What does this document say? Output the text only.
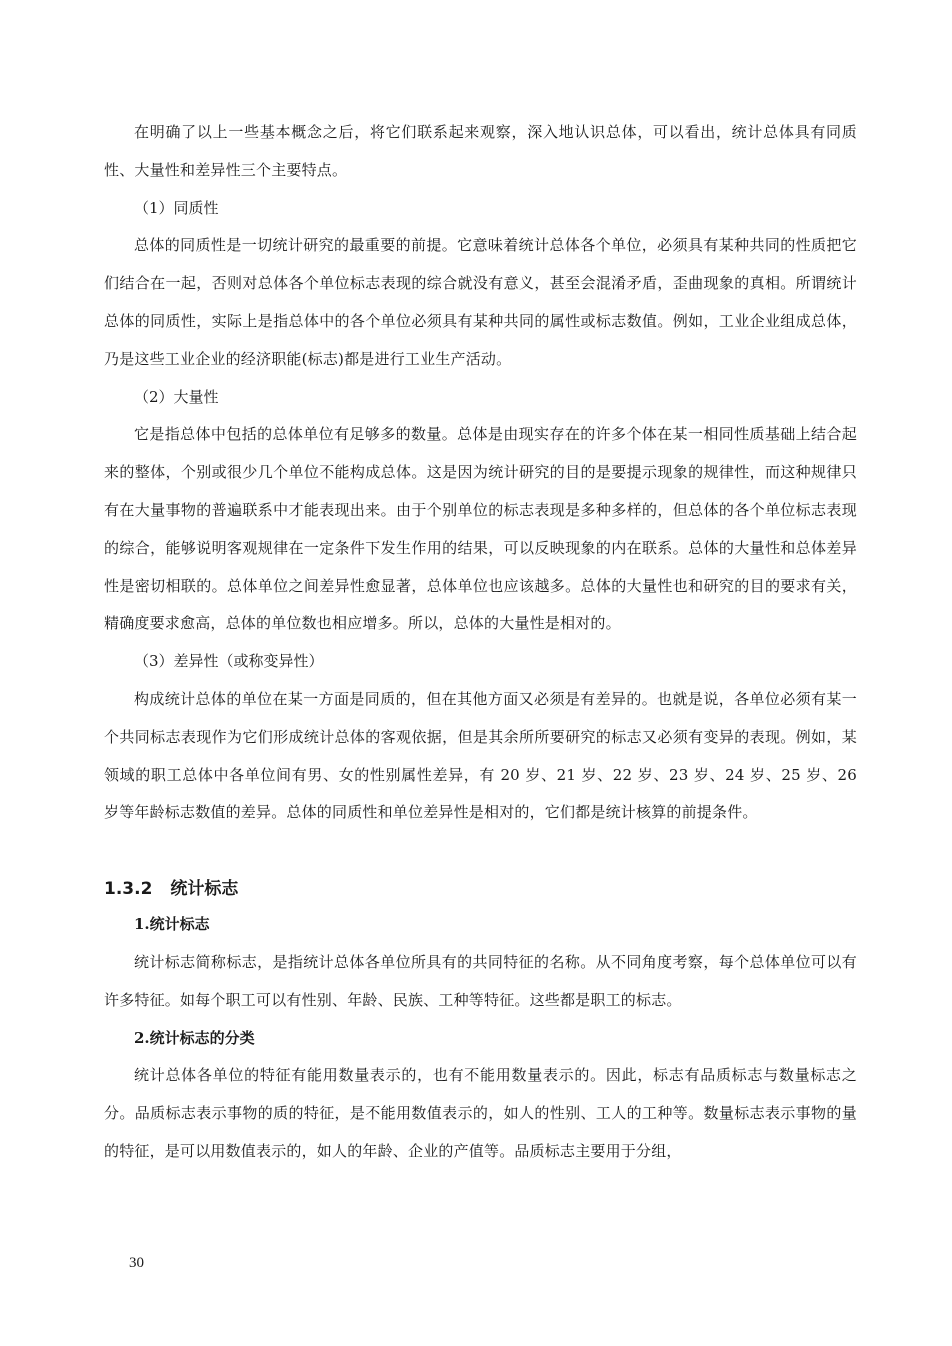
在明确了以上一些基本概念之后，将它们联系起来观察，深入地认识总体，可以看出，统计总体具有同质性、大量性和差异性三个主要特点。

（1）同质性

总体的同质性是一切统计研究的最重要的前提。它意味着统计总体各个单位，必须具有某种共同的性质把它们结合在一起，否则对总体各个单位标志表现的综合就没有意义，甚至会混淆矛盾，歪曲现象的真相。所谓统计总体的同质性，实际上是指总体中的各个单位必须具有某种共同的属性或标志数值。例如，工业企业组成总体，乃是这些工业企业的经济职能(标志)都是进行工业生产活动。

（2）大量性

它是指总体中包括的总体单位有足够多的数量。总体是由现实存在的许多个体在某一相同性质基础上结合起来的整体，个别或很少几个单位不能构成总体。这是因为统计研究的目的是要提示现象的规律性，而这种规律只有在大量事物的普遍联系中才能表现出来。由于个别单位的标志表现是多种多样的，但总体的各个单位标志表现的综合，能够说明客观规律在一定条件下发生作用的结果，可以反映现象的内在联系。总体的大量性和总体差异性是密切相联的。总体单位之间差异性愈显著，总体单位也应该越多。总体的大量性也和研究的目的要求有关，精确度要求愈高，总体的单位数也相应增多。所以，总体的大量性是相对的。

（3）差异性（或称变异性）

构成统计总体的单位在某一方面是同质的，但在其他方面又必须是有差异的。也就是说，各单位必须有某一个共同标志表现作为它们形成统计总体的客观依据，但是其余所所要研究的标志又必须有变异的表现。例如，某领域的职工总体中各单位间有男、女的性别属性差异，有 20 岁、21 岁、22 岁、23 岁、24 岁、25 岁、26 岁等年龄标志数值的差异。总体的同质性和单位差异性是相对的，它们都是统计核算的前提条件。

1.3.2 统计标志
1.统计标志

统计标志简称标志，是指统计总体各单位所具有的共同特征的名称。从不同角度考察，每个总体单位可以有许多特征。如每个职工可以有性别、年龄、民族、工种等特征。这些都是职工的标志。

2.统计标志的分类

统计总体各单位的特征有能用数量表示的，也有不能用数量表示的。因此，标志有品质标志与数量标志之分。品质标志表示事物的质的特征，是不能用数值表示的，如人的性别、工人的工种等。数量标志表示事物的量的特征，是可以用数值表示的，如人的年龄、企业的产值等。品质标志主要用于分组，

30
